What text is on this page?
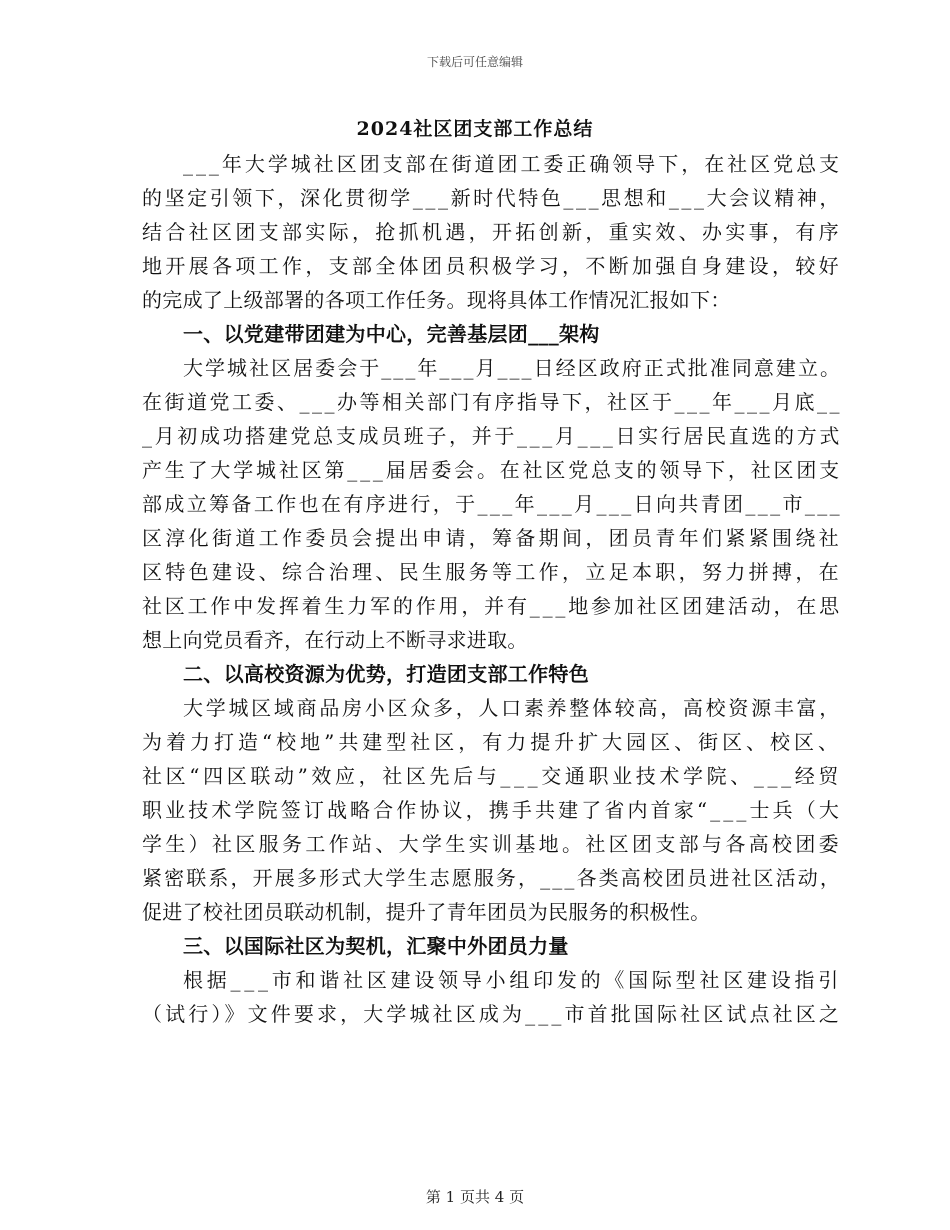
下载后可任意编辑
2024社区团支部工作总结
___年大学城社区团支部在街道团工委正确领导下，在社区党总支
的坚定引领下，深化贯彻学___新时代特色___思想和___大会议精神，
结合社区团支部实际，抢抓机遇，开拓创新，重实效、办实事，有序
地开展各项工作，支部全体团员积极学习，不断加强自身建设，较好
的完成了上级部署的各项工作任务。现将具体工作情况汇报如下：
一、以党建带团建为中心，完善基层团___架构
大学城社区居委会于___年___月___日经区政府正式批准同意建立。
在街道党工委、___办等相关部门有序指导下，社区于___年___月底__
_月初成功搭建党总支成员班子，并于___月___日实行居民直选的方式
产生了大学城社区第___届居委会。在社区党总支的领导下，社区团支
部成立筹备工作也在有序进行，于___年___月___日向共青团___市___
区淳化街道工作委员会提出申请，筹备期间，团员青年们紧紧围绕社
区特色建设、综合治理、民生服务等工作，立足本职，努力拼搏，在
社区工作中发挥着生力军的作用，并有___地参加社区团建活动，在思
想上向党员看齐，在行动上不断寻求进取。
二、以高校资源为优势，打造团支部工作特色
大学城区域商品房小区众多，人口素养整体较高，高校资源丰富，
为着力打造“校地”共建型社区，有力提升扩大园区、街区、校区、
社区“四区联动”效应，社区先后与___交通职业技术学院、___经贸
职业技术学院签订战略合作协议，携手共建了省内首家“___士兵（大
学生）社区服务工作站、大学生实训基地。社区团支部与各高校团委
紧密联系，开展多形式大学生志愿服务，___各类高校团员进社区活动，
促进了校社团员联动机制，提升了青年团员为民服务的积极性。
三、以国际社区为契机，汇聚中外团员力量
根据___市和谐社区建设领导小组印发的《国际型社区建设指引
（试行）》文件要求，大学城社区成为___市首批国际社区试点社区之
第 1 页共 4 页
